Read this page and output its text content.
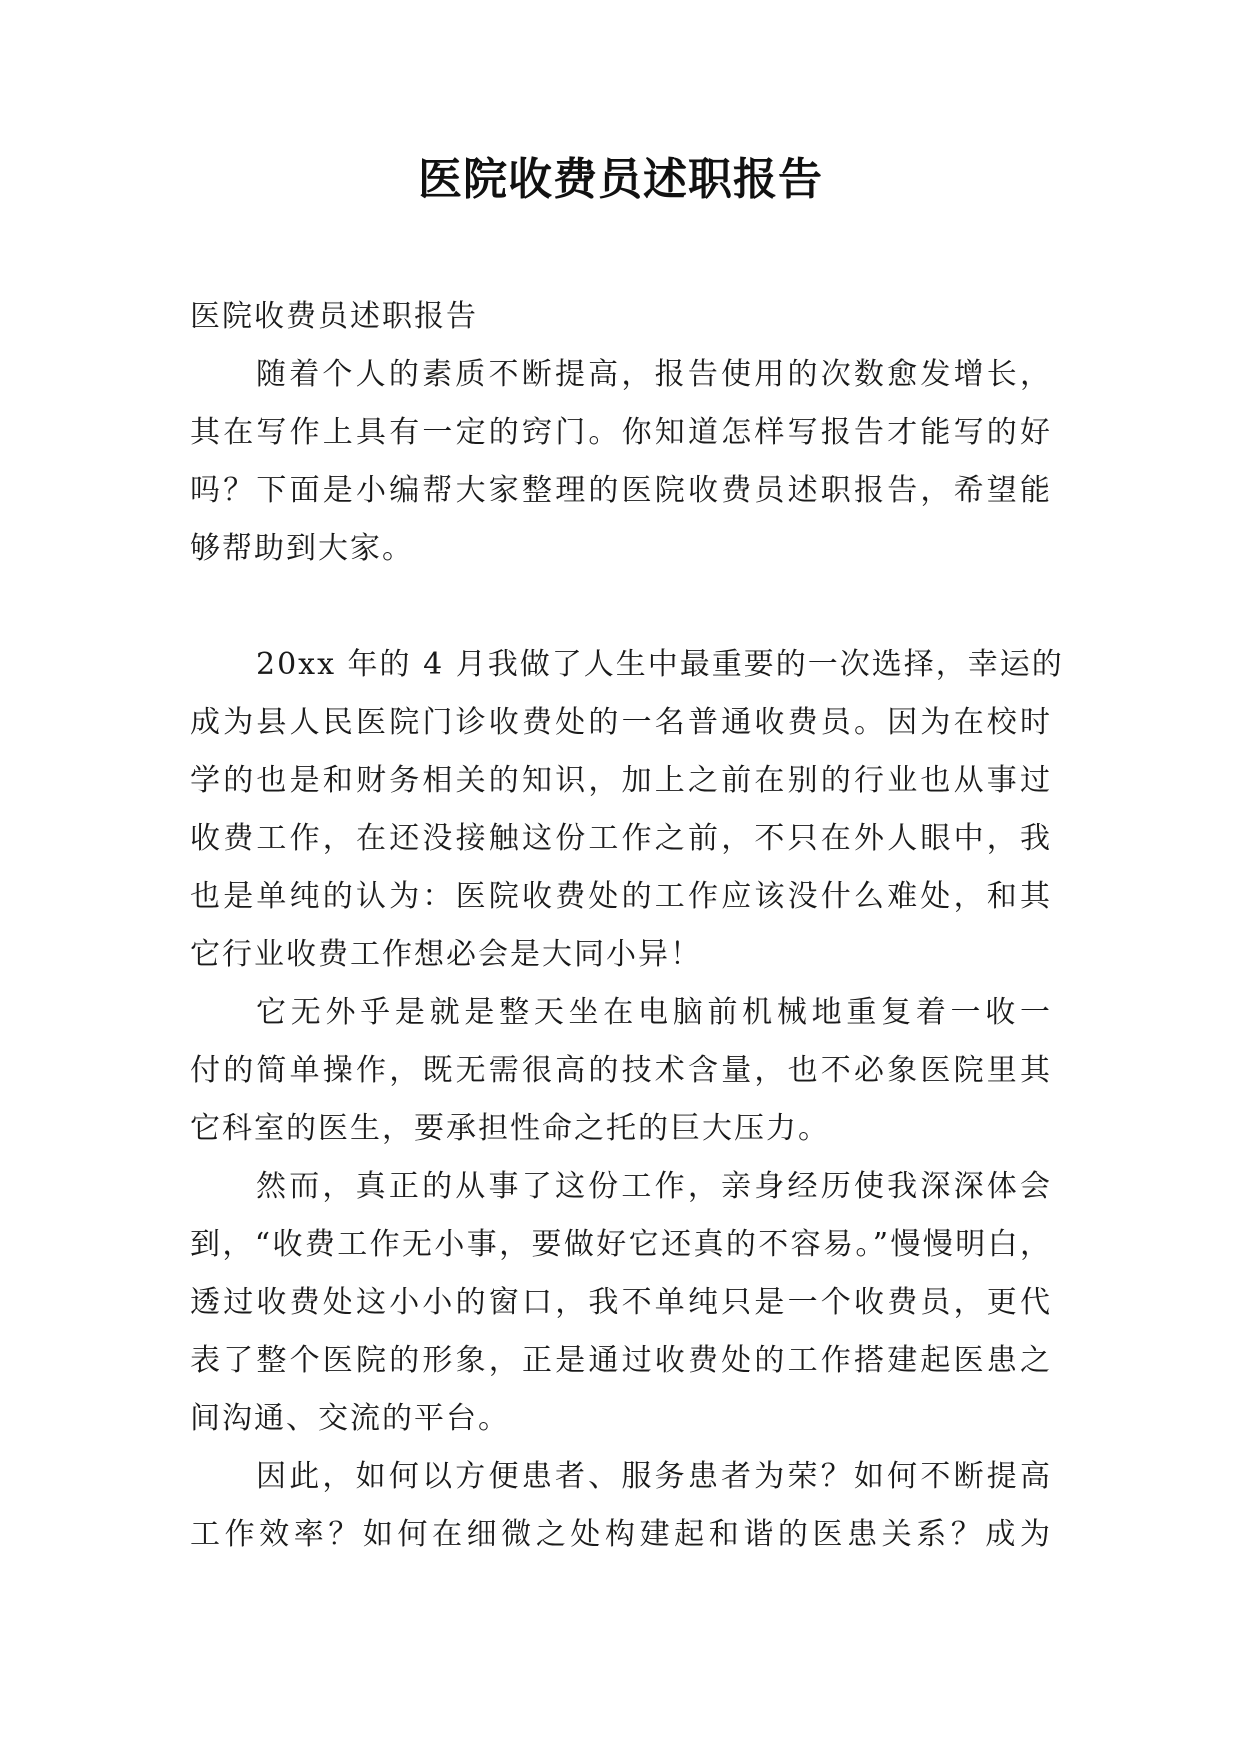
医院收费员述职报告
医院收费员述职报告
随着个人的素质不断提高，报告使用的次数愈发增长，
其在写作上具有一定的窍门。你知道怎样写报告才能写的好
吗？下面是小编帮大家整理的医院收费员述职报告，希望能
够帮助到大家。
20xx 年的 4 月我做了人生中最重要的一次选择，幸运的
成为县人民医院门诊收费处的一名普通收费员。因为在校时
学的也是和财务相关的知识，加上之前在别的行业也从事过
收费工作，在还没接触这份工作之前，不只在外人眼中，我
也是单纯的认为：医院收费处的工作应该没什么难处，和其
它行业收费工作想必会是大同小异！
它无外乎是就是整天坐在电脑前机械地重复着一收一
付的简单操作，既无需很高的技术含量，也不必象医院里其
它科室的医生，要承担性命之托的巨大压力。
然而，真正的从事了这份工作，亲身经历使我深深体会
到，“收费工作无小事，要做好它还真的不容易。”慢慢明白，
透过收费处这小小的窗口，我不单纯只是一个收费员，更代
表了整个医院的形象，正是通过收费处的工作搭建起医患之
间沟通、交流的平台。
因此，如何以方便患者、服务患者为荣？如何不断提高
工作效率？如何在细微之处构建起和谐的医患关系？成为
